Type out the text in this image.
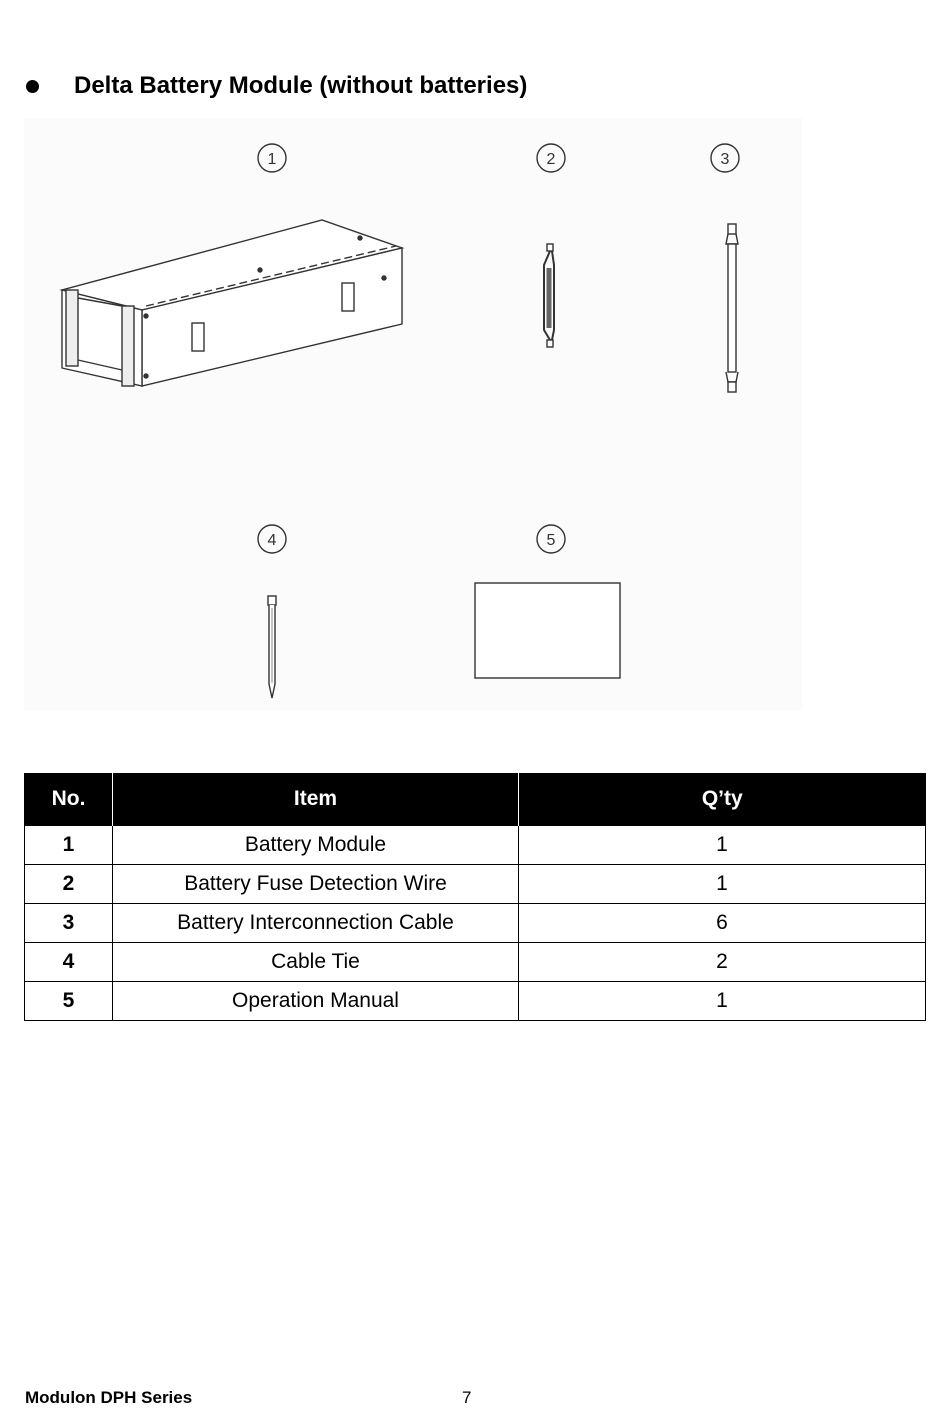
Delta Battery Module (without batteries)
1	2	3
4	5
No.	Item	Q’ty
1	Battery Module	1
2	Battery Fuse Detection Wire	1
3	Battery Interconnection Cable	6
4	Cable Tie	2
5	Operation Manual	1
Modulon DPH Series	7
